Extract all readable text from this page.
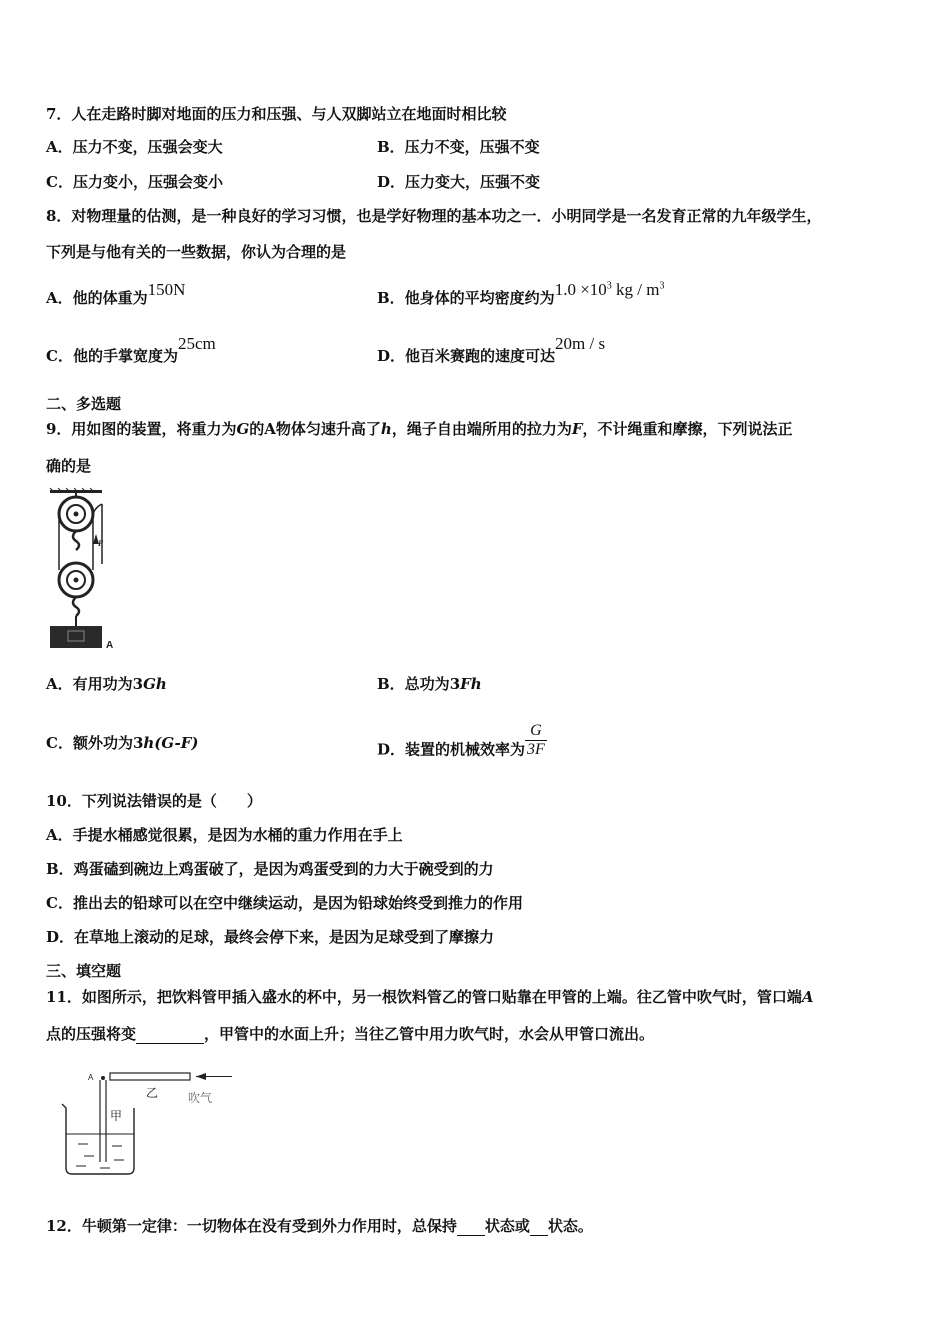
7．人在走路时脚对地面的压力和压强、与人双脚站立在地面时相比较
A．压力不变，压强会变大	B．压力不变，压强不变
C．压力变小，压强会变小	D．压力变大，压强不变
8．对物理量的估测，是一种良好的学习习惯，也是学好物理的基本功之一．小明同学是一名发育正常的九年级学生，
下列是与他有关的一些数据，你认为合理的是
A．他的体重为150N	B．他身体的平均密度约为$1.0 \times 10^3$ kg / $m^3$
C．他的手掌宽度为25cm
D．他百米赛跑的速度可达20m / s
二、多选题
9．用如图的装置，将重力为G的A物体匀速升高了h，绳子自由端所用的拉力为F，不计绳重和摩擦，下列说法正
确的是
F
A
A．有用功为3Gh	B．总功为3Fh
C．额外功为3h(G-F)	D．装置的机械效率为 $\frac{G}{3F}$
10．下列说法错误的是（　　）
A．手提水桶感觉很累，是因为水桶的重力作用在手上
B．鸡蛋磕到碗边上鸡蛋破了，是因为鸡蛋受到的力大于碗受到的力
C．推出去的铅球可以在空中继续运动，是因为铅球始终受到推力的作用
D．在草地上滚动的足球，最终会停下来，是因为足球受到了摩擦力
三、填空题
11．如图所示，把饮料管甲插入盛水的杯中，另一根饮料管乙的管口贴靠在甲管的上端。往乙管中吹气时，管口端A
点的压强将变	，甲管中的水面上升；当往乙管中用力吹气时，水会从甲管口流出。
A
乙 吹气
甲
12．牛顿第一定律：一切物体在没有受到外力作用时，总保持 状态或 状态。
